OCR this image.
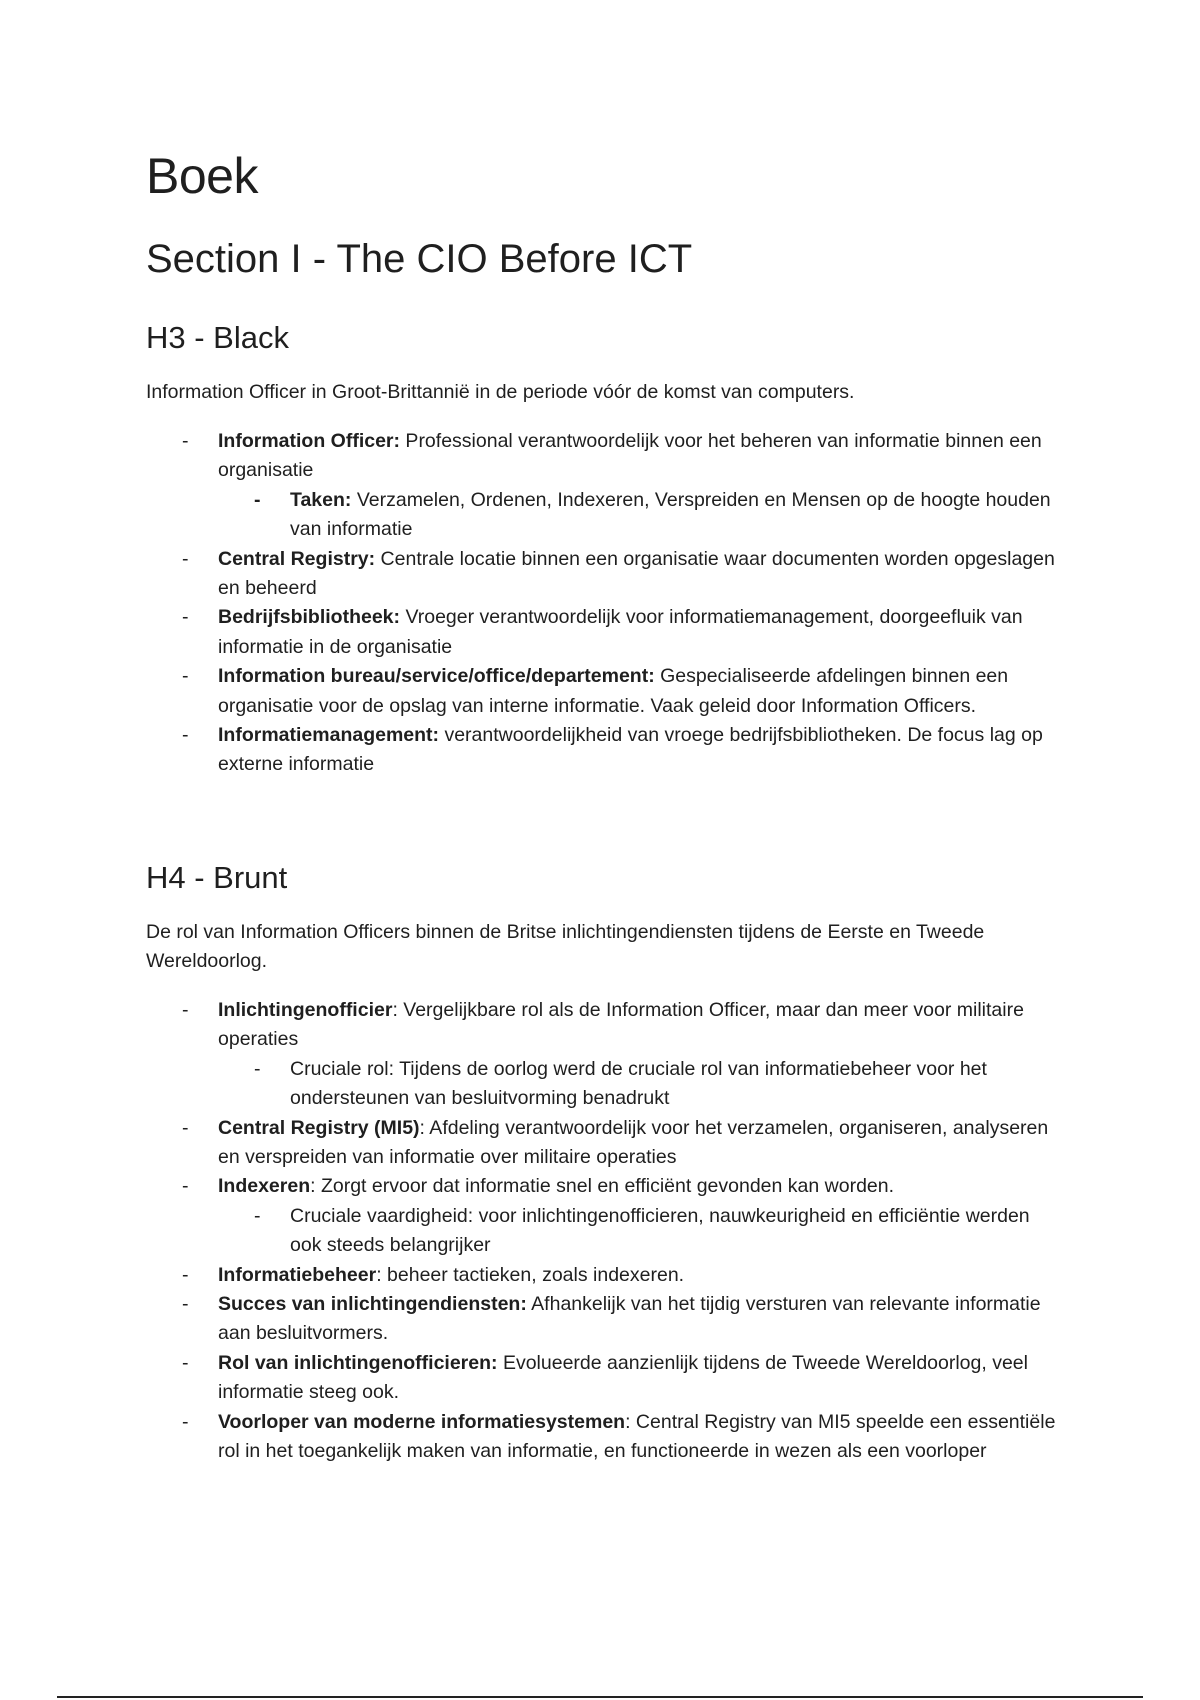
Boek
Section I - The CIO Before ICT
H3 - Black

Information Officer in Groot-Brittannië in de periode vóór de komst van computers.

- Information Officer: Professional verantwoordelijk voor het beheren van informatie binnen een organisatie
- Taken: Verzamelen, Ordenen, Indexeren, Verspreiden en Mensen op de hoogte houden van informatie
- Central Registry: Centrale locatie binnen een organisatie waar documenten worden opgeslagen en beheerd
- Bedrijfsbibliotheek: Vroeger verantwoordelijk voor informatiemanagement, doorgeefluik van informatie in de organisatie
- Information bureau/service/office/departement: Gespecialiseerde afdelingen binnen een organisatie voor de opslag van interne informatie. Vaak geleid door Information Officers.
- Informatiemanagement: verantwoordelijkheid van vroege bedrijfsbibliotheken. De focus lag op externe informatie
H4 - Brunt

De rol van Information Officers binnen de Britse inlichtingendiensten tijdens de Eerste en Tweede Wereldoorlog.

- Inlichtingenofficier: Vergelijkbare rol als de Information Officer, maar dan meer voor militaire operaties
- Cruciale rol: Tijdens de oorlog werd de cruciale rol van informatiebeheer voor het ondersteunen van besluitvorming benadrukt
- Central Registry (MI5): Afdeling verantwoordelijk voor het verzamelen, organiseren, analyseren en verspreiden van informatie over militaire operaties
- Indexeren: Zorgt ervoor dat informatie snel en efficiënt gevonden kan worden.
- Cruciale vaardigheid: voor inlichtingenofficieren, nauwkeurigheid en efficiëntie werden ook steeds belangrijker
- Informatiebeheer: beheer tactieken, zoals indexeren.
- Succes van inlichtingendiensten: Afhankelijk van het tijdig versturen van relevante informatie aan besluitvormers.
- Rol van inlichtingenofficieren: Evolueerde aanzienlijk tijdens de Tweede Wereldoorlog, veel informatie steeg ook.
- Voorloper van moderne informatiesystemen: Central Registry van MI5 speelde een essentiële rol in het toegankelijk maken van informatie, en functioneerde in wezen als een voorloper
